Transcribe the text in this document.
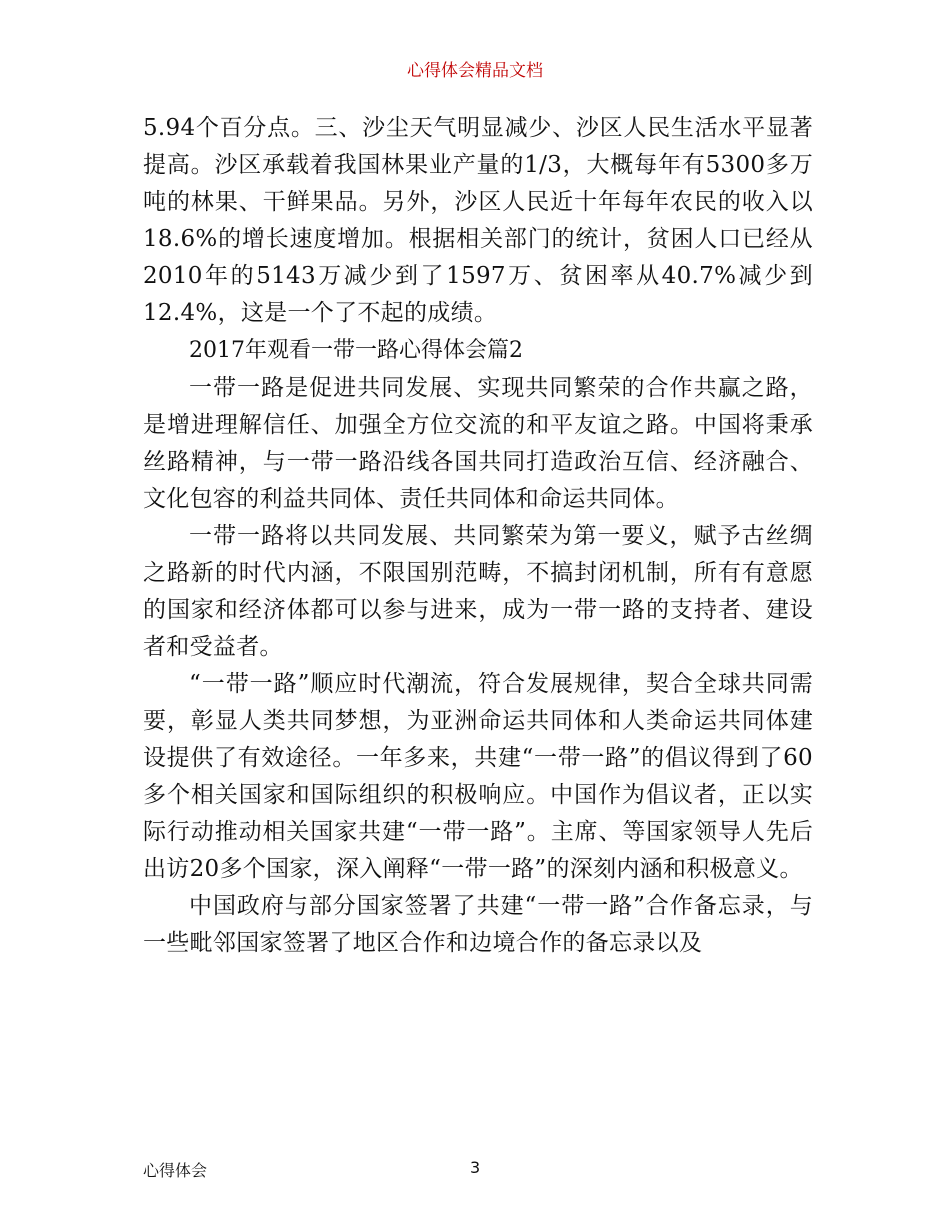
心得体会精品文档

5.94个百分点。三、沙尘天气明显减少、沙区人民生活水平显著提高。沙区承载着我国林果业产量的1/3，大概每年有5300多万吨的林果、干鲜果品。另外，沙区人民近十年每年农民的收入以18.6%的增长速度增加。根据相关部门的统计，贫困人口已经从2010年的5143万减少到了1597万、贫困率从40.7%减少到12.4%，这是一个了不起的成绩。

2017年观看一带一路心得体会篇2

一带一路是促进共同发展、实现共同繁荣的合作共赢之路，是增进理解信任、加强全方位交流的和平友谊之路。中国将秉承丝路精神，与一带一路沿线各国共同打造政治互信、经济融合、文化包容的利益共同体、责任共同体和命运共同体。

一带一路将以共同发展、共同繁荣为第一要义，赋予古丝绸之路新的时代内涵，不限国别范畴，不搞封闭机制，所有有意愿的国家和经济体都可以参与进来，成为一带一路的支持者、建设者和受益者。

“一带一路”顺应时代潮流，符合发展规律，契合全球共同需要，彰显人类共同梦想，为亚洲命运共同体和人类命运共同体建设提供了有效途径。一年多来，共建“一带一路”的倡议得到了60多个相关国家和国际组织的积极响应。中国作为倡议者，正以实际行动推动相关国家共建“一带一路”。主席、等国家领导人先后出访20多个国家，深入阐释“一带一路”的深刻内涵和积极意义。

中国政府与部分国家签署了共建“一带一路”合作备忘录，与一些毗邻国家签署了地区合作和边境合作的备忘录以及

心得体会	3
